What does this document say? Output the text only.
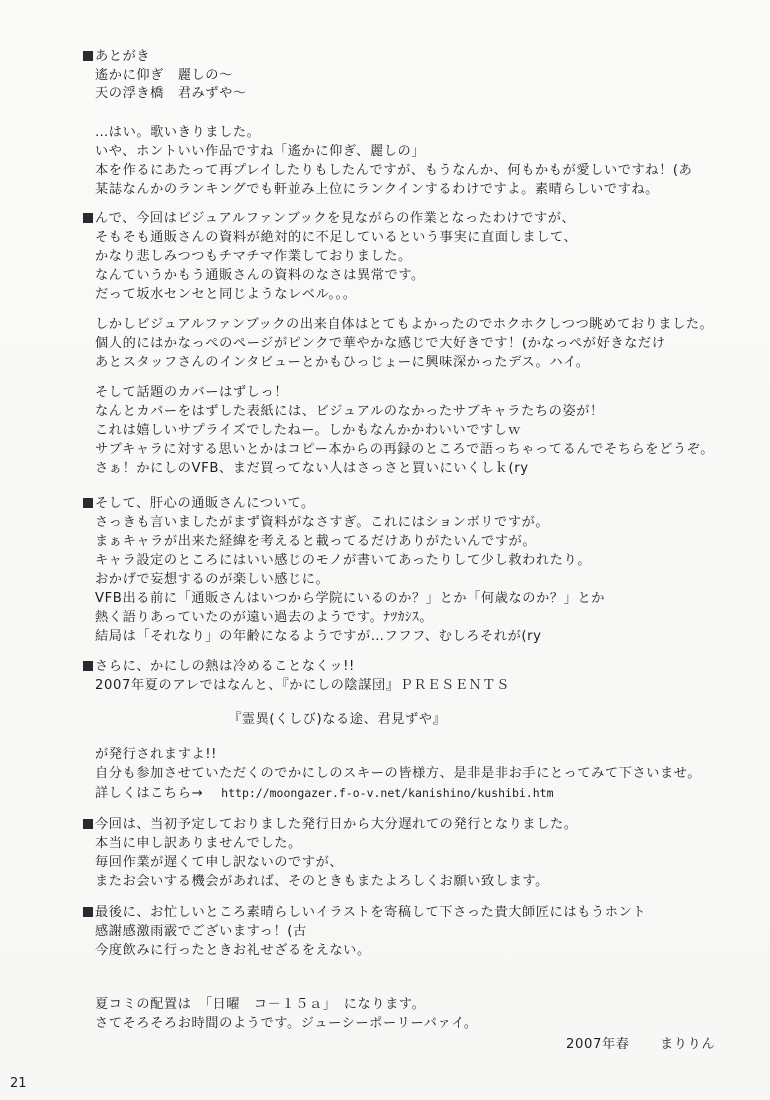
あとがき
遙かに仰ぎ　麗しの～
天の浮き橋　君みずや～
…はい。歌いきりました。
いや、ホントいい作品ですね「遙かに仰ぎ、麗しの」
本を作るにあたって再プレイしたりもしたんですが、もうなんか、何もかもが愛しいですね！(あ
某誌なんかのランキングでも軒並み上位にランクインするわけですよ。素晴らしいですね。
んで、今回はビジュアルファンブックを見ながらの作業となったわけですが、
そもそも通販さんの資料が絶対的に不足しているという事実に直面しまして、
かなり悲しみつつもチマチマ作業しておりました。
なんていうかもう通販さんの資料のなさは異常です。
だって坂水センセと同じようなレベル。。。
しかしビジュアルファンブックの出来自体はとてもよかったのでホクホクしつつ眺めておりました。
個人的にはかなっぺのページがピンクで華やかな感じで大好きです！(かなっぺが好きなだけ
あとスタッフさんのインタビューとかもひっじょーに興味深かったデス。ハイ。
そして話題のカバーはずしっ！
なんとカバーをはずした表紙には、ビジュアルのなかったサブキャラたちの姿が！
これは嬉しいサプライズでしたねー。しかもなんかかわいいですしｗ
サブキャラに対する思いとかはコピー本からの再録のところで語っちゃってるんでそちらをどうぞ。
さぁ！かにしのVFB、まだ買ってない人はさっさと買いにいくしｋ(ry
そして、肝心の通販さんについて。
さっきも言いましたがまず資料がなさすぎ。これにはションボリですが。
まぁキャラが出来た経緯を考えると載ってるだけありがたいんですが。
キャラ設定のところにはいい感じのモノが書いてあったりして少し救われたり。
おかげで妄想するのが楽しい感じに。
VFB出る前に「通販さんはいつから学院にいるのか？」とか「何歳なのか？」とか
熱く語りあっていたのが遠い過去のようです。ﾅﾂｶｼｽ。
結局は「それなり」の年齢になるようですが…フフフ、むしろそれが(ry
さらに、かにしの熱は冷めることなくッ!!
2007年夏のアレではなんと、『かにしの陰謀団』ＰＲＥＳＥＮＴＳ
『霊異(くしび)なる途、君見ずや』
が発行されますよ!!
自分も参加させていただくのでかにしのスキーの皆様方、是非是非お手にとってみて下さいませ。
詳しくはこちら→ http://moongazer.f-o-v.net/kanishino/kushibi.htm
今回は、当初予定しておりました発行日から大分遅れての発行となりました。
本当に申し訳ありませんでした。
毎回作業が遅くて申し訳ないのですが、
またお会いする機会があれば、そのときもまたよろしくお願い致します。
最後に、お忙しいところ素晴らしいイラストを寄稿して下さった貴大師匠にはもうホント
感謝感激雨霰でございますっ！(古
今度飲みに行ったときお礼せざるをえない。
夏コミの配置は　「日曜　コ－１５ａ」　になります。
さてそろそろお時間のようです。ジューシーポーリーバァイ。
2007年春 まりりん
21
